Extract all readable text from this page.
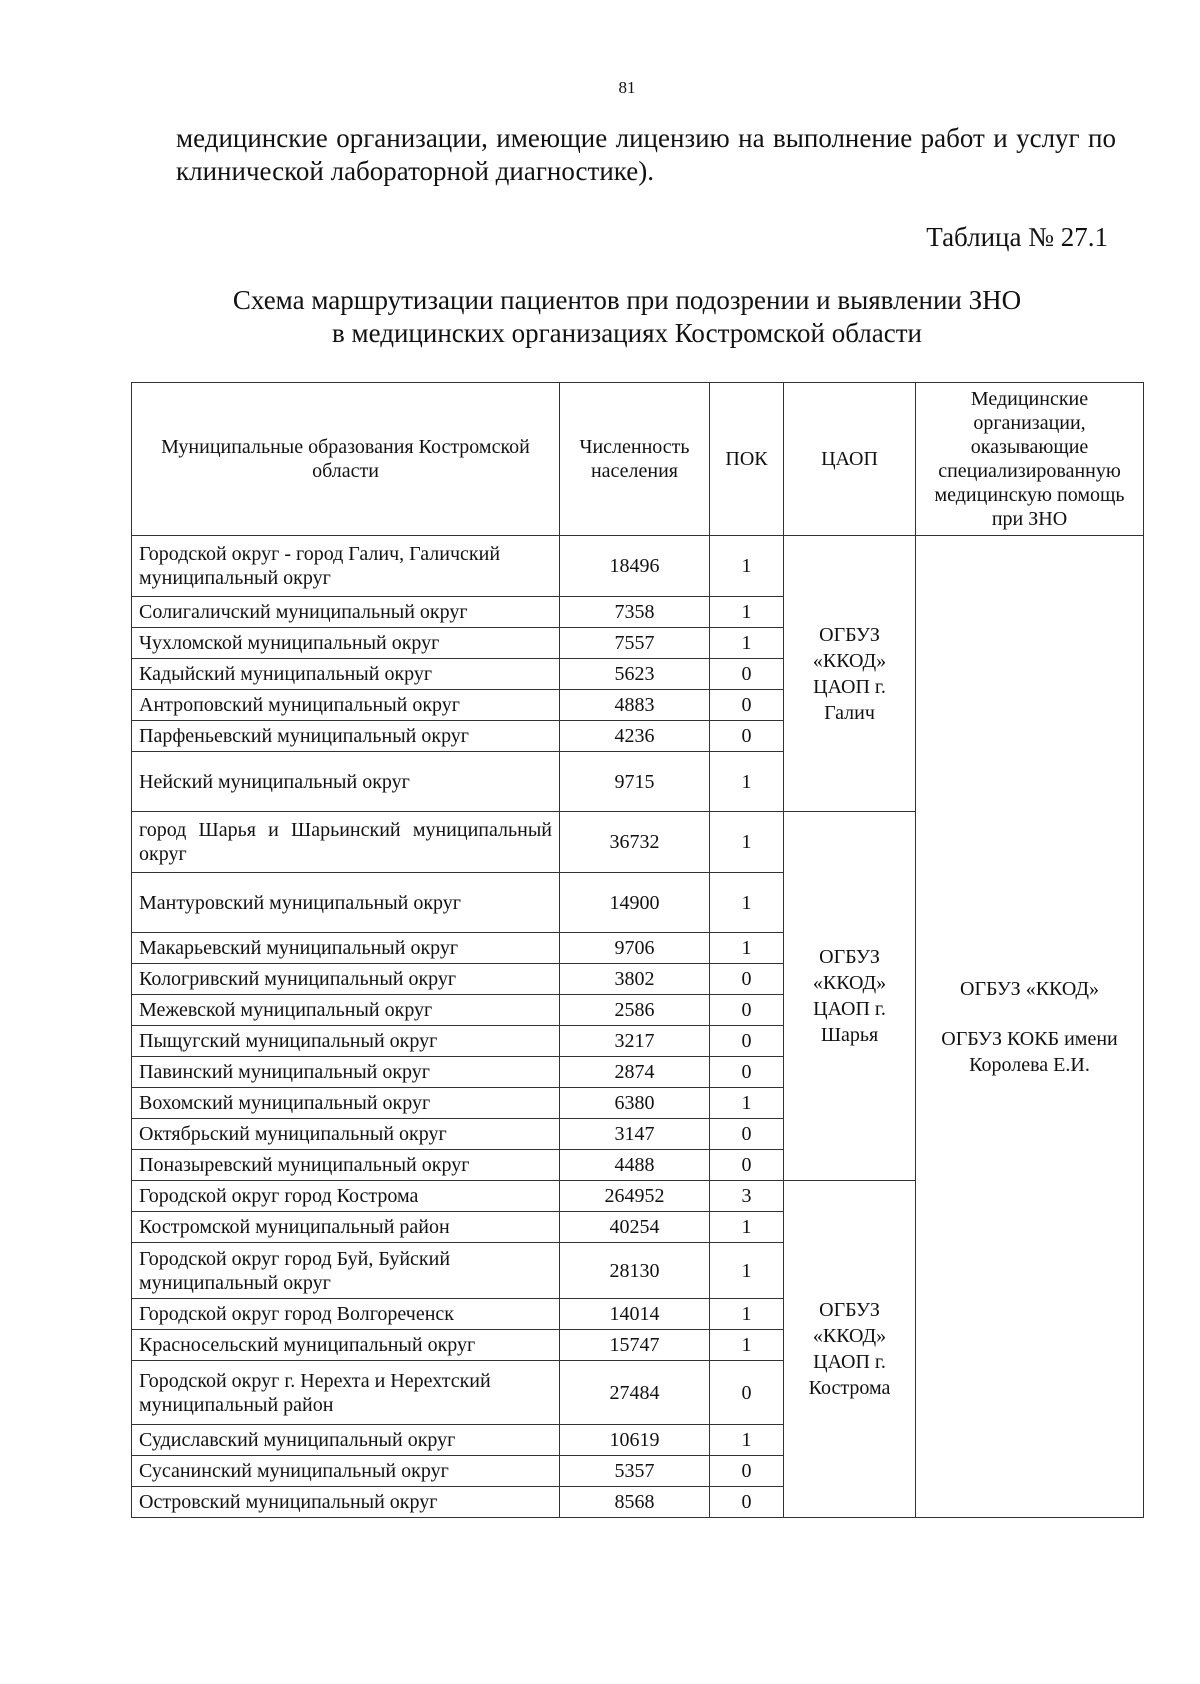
81

медицинские организации, имеющие лицензию на выполнение работ и услуг по клинической лабораторной диагностике).

Таблица № 27.1
Схема маршрутизации пациентов при подозрении и выявлении ЗНО
в медицинских организациях Костромской области
Муниципальные образования Костромской области	Численность населения	ПОК	ЦАОП	Медицинские организации, оказывающие специализированную медицинскую помощь при ЗНО
Городской округ - город Галич, Галичский муниципальный округ	18496	1	ОГБУЗ «ККОД» ЦАОП г. Галич	ОГБУЗ «ККОД»
ОГБУЗ КОКБ имени Королева Е.И.

Солигаличский муниципальный округ	7358	1		
Чухломской муниципальный округ	7557	1		
Кадыйский муниципальный округ	5623	0		
Антроповский муниципальный округ	4883	0		
Парфеньевский муниципальный округ	4236	0		
Нейский муниципальный округ	9715	1		
город Шарья и Шарьинский муниципальный округ	36732	1	ОГБУЗ «ККОД» ЦАОП г. Шарья	
Мантуровский муниципальный округ	14900	1		
Макарьевский муниципальный округ	9706	1		
Кологривский муниципальный округ	3802	0		
Межевской муниципальный округ	2586	0		
Пыщугский муниципальный округ	3217	0		
Павинский муниципальный округ	2874	0		
Вохомский муниципальный округ	6380	1		
Октябрьский муниципальный округ	3147	0		
Поназыревский муниципальный округ	4488	0		
Городской округ город Кострома	264952	3	ОГБУЗ «ККОД» ЦАОП г. Кострома	
Костромской муниципальный район	40254	1		
Городской округ город Буй, Буйский муниципальный округ	28130	1		
Городской округ город Волгореченск	14014	1		
Красносельский муниципальный округ	15747	1		
Городской округ г. Нерехта и Нерехтский муниципальный район	27484	0		
Судиславский муниципальный округ	10619	1		
Сусанинский муниципальный округ	5357	0		
Островский муниципальный округ	8568	0		
